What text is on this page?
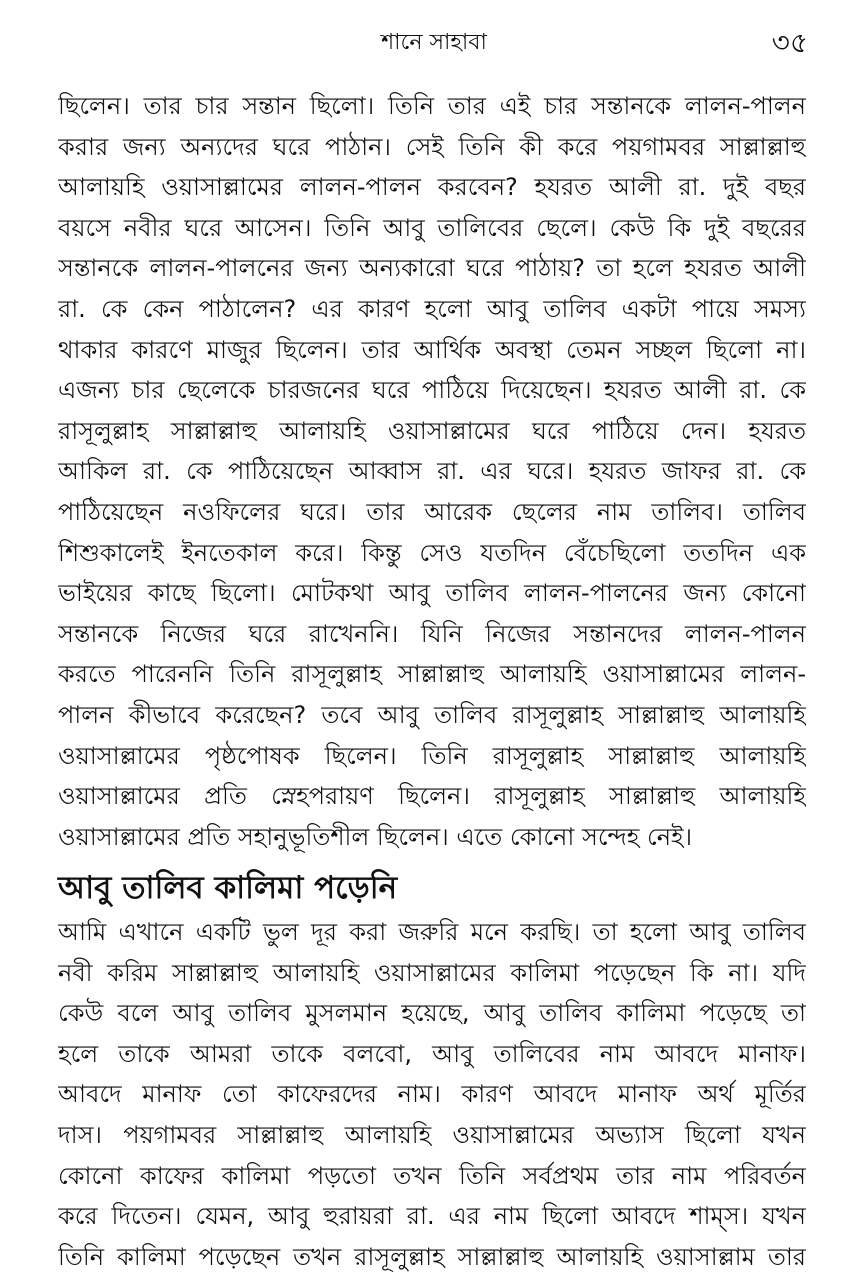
শানে সাহাবা	৩৫
ছিলেন। তার চার সন্তান ছিলো। তিনি তার এই চার সন্তানকে লালন-পালন
করার জন্য অন্যদের ঘরে পাঠান। সেই তিনি কী করে পয়গামবর সাল্লাল্লাহু
আলায়হি ওয়াসাল্লামের লালন-পালন করবেন? হযরত আলী রা. দুই বছর
বয়সে নবীর ঘরে আসেন। তিনি আবু তালিবের ছেলে। কেউ কি দুই বছরের
সন্তানকে লালন-পালনের জন্য অন্যকারো ঘরে পাঠায়? তা হলে হযরত আলী
রা. কে কেন পাঠালেন? এর কারণ হলো আবু তালিব একটা পায়ে সমস্য
থাকার কারণে মাজুর ছিলেন। তার আর্থিক অবস্থা তেমন সচ্ছল ছিলো না।
এজন্য চার ছেলেকে চারজনের ঘরে পাঠিয়ে দিয়েছেন। হযরত আলী রা. কে
রাসূলুল্লাহ সাল্লাল্লাহু আলায়হি ওয়াসাল্লামের ঘরে পাঠিয়ে দেন। হযরত
আকিল রা. কে পাঠিয়েছেন আব্বাস রা. এর ঘরে। হযরত জাফর রা. কে
পাঠিয়েছেন নওফিলের ঘরে। তার আরেক ছেলের নাম তালিব। তালিব
শিশুকালেই ইনতেকাল করে। কিন্তু সেও যতদিন বেঁচেছিলো ততদিন এক
ভাইয়ের কাছে ছিলো। মোটকথা আবু তালিব লালন-পালনের জন্য কোনো
সন্তানকে নিজের ঘরে রাখেননি। যিনি নিজের সন্তানদের লালন-পালন
করতে পারেননি তিনি রাসূলুল্লাহ সাল্লাল্লাহু আলায়হি ওয়াসাল্লামের লালন-
পালন কীভাবে করেছেন? তবে আবু তালিব রাসূলুল্লাহ সাল্লাল্লাহু আলায়হি
ওয়াসাল্লামের পৃষ্ঠপোষক ছিলেন। তিনি রাসূলুল্লাহ সাল্লাল্লাহু আলায়হি
ওয়াসাল্লামের প্রতি স্নেহপরায়ণ ছিলেন। রাসূলুল্লাহ সাল্লাল্লাহু আলায়হি
ওয়াসাল্লামের প্রতি সহানুভূতিশীল ছিলেন। এতে কোনো সন্দেহ নেই।
আবু তালিব কালিমা পড়েনি
আমি এখানে একটি ভুল দূর করা জরুরি মনে করছি। তা হলো আবু তালিব
নবী করিম সাল্লাল্লাহু আলায়হি ওয়াসাল্লামের কালিমা পড়েছেন কি না। যদি
কেউ বলে আবু তালিব মুসলমান হয়েছে, আবু তালিব কালিমা পড়েছে তা
হলে তাকে আমরা তাকে বলবো, আবু তালিবের নাম আবদে মানাফ।
আবদে মানাফ তো কাফেরদের নাম। কারণ আবদে মানাফ অর্থ মূর্তির
দাস। পয়গামবর সাল্লাল্লাহু আলায়হি ওয়াসাল্লামের অভ্যাস ছিলো যখন
কোনো কাফের কালিমা পড়তো তখন তিনি সর্বপ্রথম তার নাম পরিবর্তন
করে দিতেন। যেমন, আবু হুরায়রা রা. এর নাম ছিলো আবদে শাম্‌স। যখন
তিনি কালিমা পড়েছেন তখন রাসূলুল্লাহ সাল্লাল্লাহু আলায়হি ওয়াসাল্লাম তার
